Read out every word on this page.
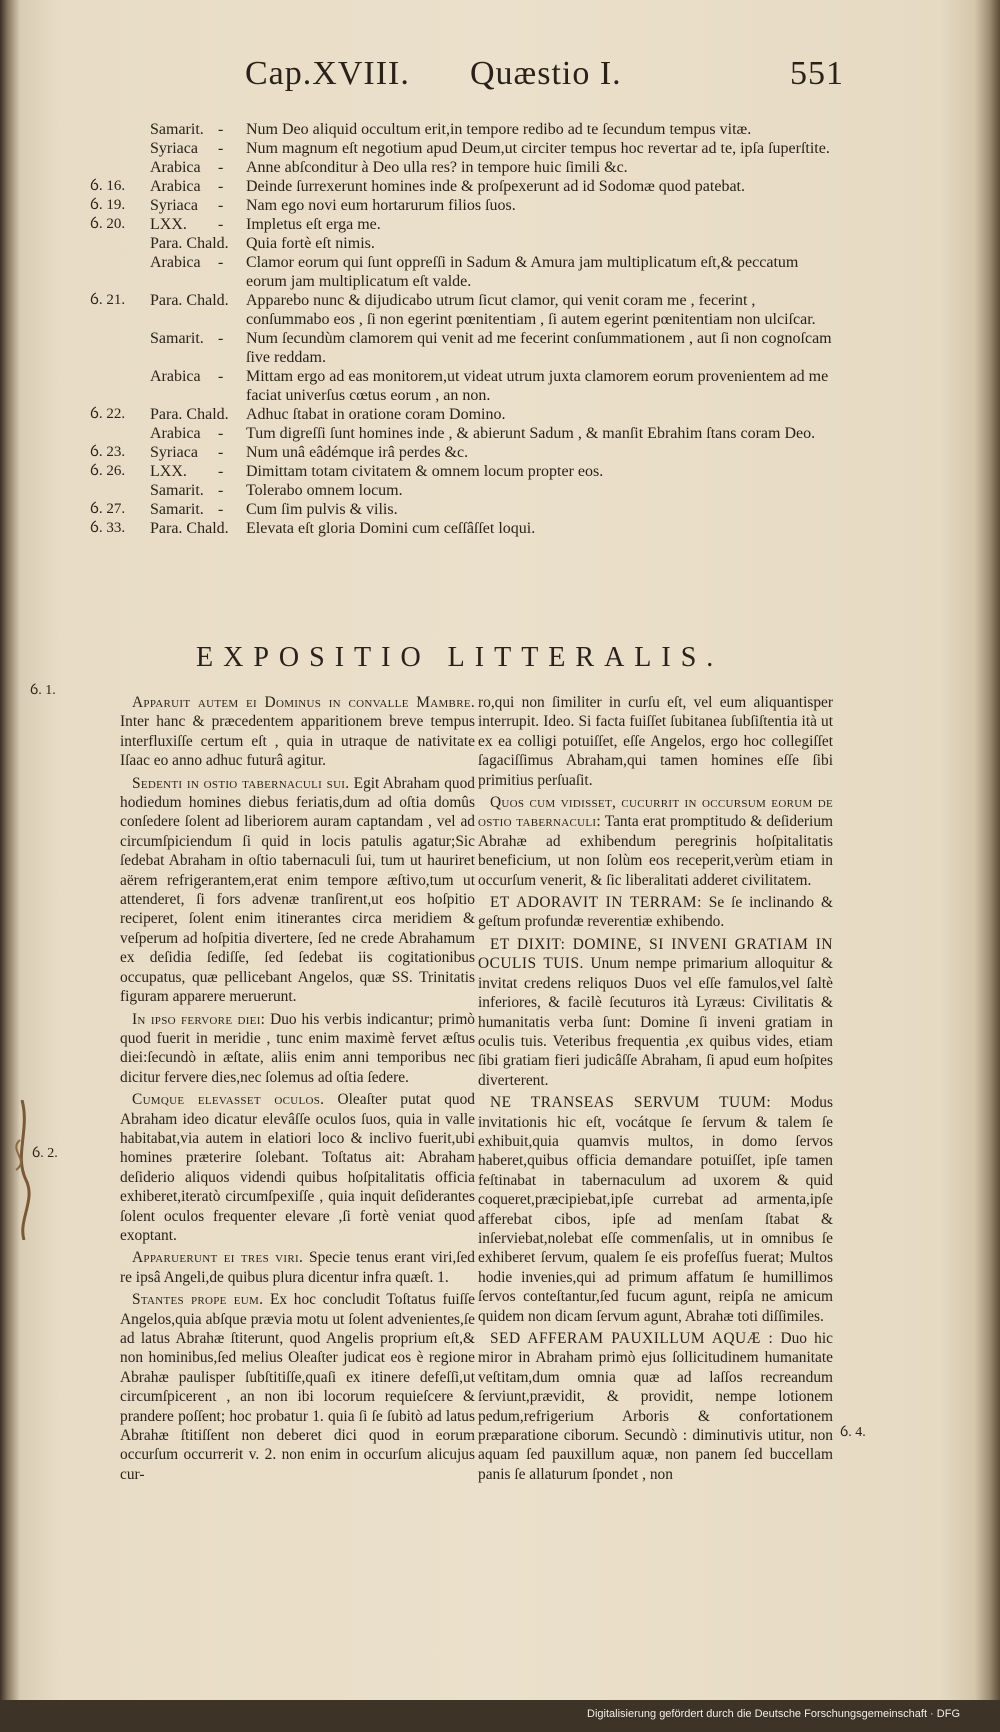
Digitalisierung gefördert durch die Deutsche Forschungsgemeinschaft · DFG
Cap.XVIII. Quæstio I.	551
Samarit. - Num Deo aliquid occultum erit,in tempore redibo ad te ſecundum tempus vitæ.
Syriaca - Num magnum eſt negotium apud Deum,ut circiter tempus hoc revertar ad te, ipſa ſuperſtite.
Arabica - Anne abſconditur à Deo ulla res? in tempore huic ſimili &c.
ỽ. 16. Arabica - Deinde ſurrexerunt homines inde & proſpexerunt ad id Sodomæ quod patebat.
ỽ. 19. Syriaca - Nam ego novi eum hortarurum filios ſuos.
ỽ. 20. LXX. - Impletus eſt erga me.
Para. Chald. Quia fortè eſt nimis.
Arabica - Clamor eorum qui ſunt oppreſſi in Sadum & Amura jam multiplicatum eſt,& peccatum eorum jam multiplicatum eſt valde.
ỽ. 21. Para. Chald. Apparebo nunc & dijudicabo utrum ſicut clamor, qui venit coram me , fecerint , conſummabo eos , ſi non egerint pœnitentiam , ſi autem egerint pœnitentiam non ulciſcar.
Samarit. - Num ſecundùm clamorem qui venit ad me fecerint conſummationem , aut ſi non cognoſcam ſive reddam.
Arabica - Mittam ergo ad eas monitorem,ut videat utrum juxta clamorem eorum provenientem ad me faciat univerſus cœtus eorum , an non.
ỽ. 22. Para. Chald. Adhuc ſtabat in oratione coram Domino.
Arabica - Tum digreſſi ſunt homines inde , & abierunt Sadum , & manſit Ebrahim ſtans coram Deo.
ỽ. 23. Syriaca - Num unâ eâdémque irâ perdes &c.
ỽ. 26. LXX. - Dimittam totam civitatem & omnem locum propter eos.
Samarit. - Tolerabo omnem locum.
ỽ. 27. Samarit. - Cum ſim pulvis & vilis.
ỽ. 33. Para. Chald. Elevata eſt gloria Domini cum ceſſâſſet loqui.
EXPOSITIO LITTERALIS.
ỽ. 1.
ỽ. 2.
ỽ. 4.

Apparuit autem ei Dominus in convalle Mambre. Inter hanc & præcedentem apparitionem breve tempus interfluxiſſe certum eſt , quia in utraque de nativitate Iſaac eo anno adhuc futurâ agitur.

Sedenti in ostio tabernaculi sui. Egit Abraham quod hodiedum homines diebus feriatis,dum ad oſtia domûs conſedere ſolent ad liberiorem auram captandam , vel ad circumſpiciendum ſi quid in locis patulis agatur;Sic ſedebat Abraham in oſtio tabernaculi ſui, tum ut hauriret aërem refrigerantem,erat enim tempore æſtivo,tum ut attenderet, ſi fors advenæ tranſirent,ut eos hoſpitio reciperet, ſolent enim itinerantes circa meridiem & veſperum ad hoſpitia divertere, ſed ne crede Abrahamum ex deſidia ſediſſe, ſed ſedebat iis cogitationibus occupatus, quæ pellicebant Angelos, quæ SS. Trinitatis figuram apparere meruerunt.

In ipso fervore diei: Duo his verbis indicantur; primò quod fuerit in meridie , tunc enim maximè fervet æſtus diei:ſecundò in æſtate, aliis enim anni temporibus nec dicitur fervere dies,nec ſolemus ad oſtia ſedere.

Cumque elevasset oculos. Oleaſter putat quod Abraham ideo dicatur elevâſſe oculos ſuos, quia in valle habitabat,via autem in elatiori loco & inclivo fuerit,ubi homines præterire ſolebant. Toſtatus ait: Abraham deſiderio aliquos videndi quibus hoſpitalitatis officia exhiberet,iteratò circumſpexiſſe , quia inquit deſiderantes ſolent oculos frequenter elevare ,ſi fortè veniat quod exoptant.

Apparuerunt ei tres viri. Specie tenus erant viri,ſed re ipsâ Angeli,de quibus plura dicentur infra quæſt. 1.

Stantes prope eum. Ex hoc concludit Toſtatus fuiſſe Angelos,quia abſque prævia motu ut ſolent advenientes,ſe ad latus Abrahæ ſtiterunt, quod Angelis proprium eſt,& non hominibus,ſed melius Oleaſter judicat eos è regione Abrahæ paulisper ſubſtitiſſe,quaſi ex itinere defeſſi,ut circumſpicerent , an non ibi locorum requieſcere & prandere poſſent; hoc probatur 1. quia ſi ſe ſubitò ad latus Abrahæ ſtitiſſent non deberet dici quod in eorum occurſum occurrerit v. 2. non enim in occurſum alicujus cur-

ro,qui non ſimiliter in curſu eſt, vel eum aliquantisper interrupit. Ideo. Si facta fuiſſet ſubitanea ſubſiſtentia ità ut ex ea colligi potuiſſet, eſſe Angelos, ergo hoc collegiſſet ſagaciſſimus Abraham,qui tamen homines eſſe ſibi primitius perſuaſit.

Quos cum vidisset, cucurrit in occursum eorum de ostio tabernaculi: Tanta erat promptitudo & deſiderium Abrahæ ad exhibendum peregrinis hoſpitalitatis beneficium, ut non ſolùm eos receperit,verùm etiam in occurſum venerit, & ſic liberalitati adderet civilitatem.

ET ADORAVIT IN TERRAM: Se ſe inclinando & geſtum profundæ reverentiæ exhibendo.

ET DIXIT: DOMINE, SI INVENI GRATIAM IN OCULIS TUIS. Unum nempe primarium alloquitur & invitat credens reliquos Duos vel eſſe famulos,vel ſaltè inferiores, & facilè ſecuturos ità Lyræus: Civilitatis & humanitatis verba ſunt: Domine ſi inveni gratiam in oculis tuis. Veteribus frequentia ,ex quibus vides, etiam ſibi gratiam fieri judicâſſe Abraham, ſi apud eum hoſpites diverterent.

NE TRANSEAS SERVUM TUUM: Modus invitationis hic eſt, vocátque ſe ſervum & talem ſe exhibuit,quia quamvis multos, in domo ſervos haberet,quibus officia demandare potuiſſet, ipſe tamen feſtinabat in tabernaculum ad uxorem & quid coqueret,præcipiebat,ipſe currebat ad armenta,ipſe afferebat cibos, ipſe ad menſam ſtabat & inſerviebat,nolebat eſſe commenſalis, ut in omnibus ſe exhiberet ſervum, qualem ſe eis profeſſus fuerat; Multos hodie invenies,qui ad primum affatum ſe humillimos ſervos conteſtantur,ſed fucum agunt, reipſa ne amicum quidem non dicam ſervum agunt, Abrahæ toti diſſimiles.

SED AFFERAM PAUXILLUM AQUÆ : Duo hic miror in Abraham primò ejus ſollicitudinem humanitate veſtitam,dum omnia quæ ad laſſos recreandum ſerviunt,prævidit, & providit, nempe lotionem pedum,refrigerium Arboris & confortationem præparatione ciborum. Secundò : diminutivis utitur, non aquam ſed pauxillum aquæ, non panem ſed buccellam panis ſe allaturum ſpondet , non
